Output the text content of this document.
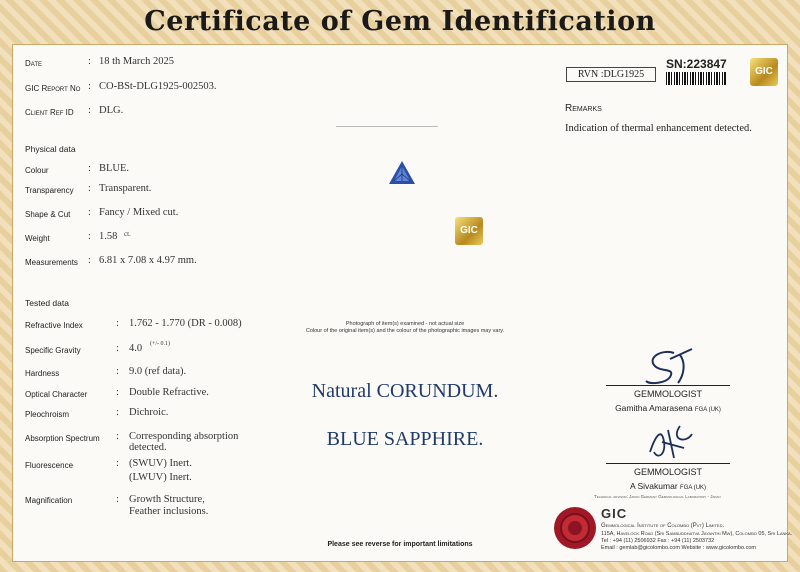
Certificate of Gem Identification
Date	: 18 th March 2025
GIC Report No : CO-BSt-DLG1925-002503.
Client Ref ID : DLG.
Physical data
Colour	: BLUE.
Transparency : Transparent.
Shape & Cut : Fancy / Mixed cut.
Weight	: 1.58 ct.
Measurements : 6.81 x 7.08 x 4.97 mm.
Tested data
Refractive Index	: 1.762 - 1.770 (DR - 0.008)
Specific Gravity	: 4.0 (+/- 0.1)
Hardness	: 9.0 (ref data).
Optical Character	: Double Refractive.
Pleochroism	: Dichroic.
Absorption Spectrum : Corresponding absorption
detected.
Fluorescence	: (SWUV) Inert.
(LWUV) Inert.
Magnification	: Growth Structure,
Feather inclusions.
GIC
Photograph of item(s) examined - not actual size
Colour of the original item(s) and the colour of the photographic images may vary.
Natural CORUNDUM.
BLUE SAPPHIRE.
Please see reverse for important limitations
RVN :DLG1925
SN:223847
GIC
Remarks
Indication of thermal enhancement detected.
GEMMOLOGIST
Gamitha Amarasena FGA (UK)
GEMMOLOGIST
A Sivakumar FGA (UK)
Technical advisor: Japan Germany Gemmological Laboratory - Japan
GIC
Gemmological Institute of Colombo (Pvt) Limited.
115A, Havelock Road (Sri Sambuddhatva Jayanthi Mw), Colombo 05, Sri Lanka.
Tel : +94 (11) 2506932 Fax : +94 (11) 2503732
Email : gemlab@gicolombo.com Website : www.gicolombo.com
